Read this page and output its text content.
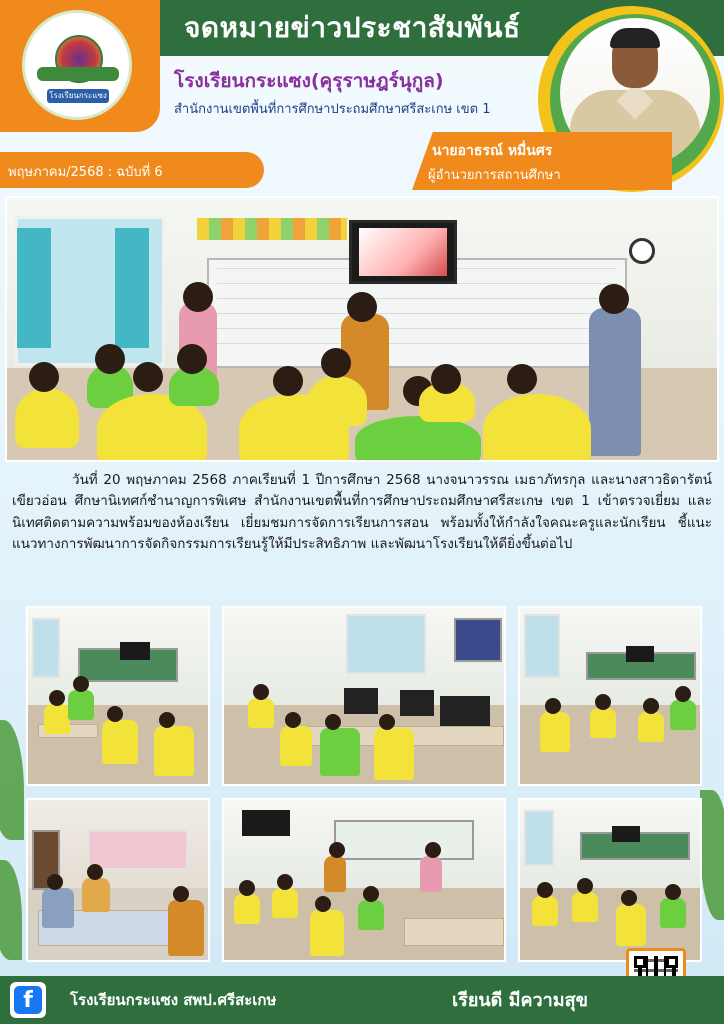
จดหมายข่าวประชาสัมพันธ์
โรงเรียนกระแซง
โรงเรียนกระแซง(คุรุราษฎร์นุกูล)
สำนักงานเขตพื้นที่การศึกษาประถมศึกษาศรีสะเกษ เขต 1
นายอาธรณ์ หมื่นศร
ผู้อำนวยการสถานศึกษา
พฤษภาคม/2568 : ฉบับที่ 6

วันที่ 20 พฤษภาคม 2568 ภาคเรียนที่ 1 ปีการศึกษา 2568 นางจนาวรรณ เมธาภัทรกุล และนางสาวธิดารัตน์ เขียวอ่อน ศึกษานิเทศก์ชำนาญการพิเศษ สำนักงานเขตพื้นที่การศึกษาประถมศึกษาศรีสะเกษ เขต 1 เข้าตรวจเยี่ยม และนิเทศติดตามความพร้อมของห้องเรียน เยี่ยมชมการจัดการเรียนการสอน พร้อมทั้งให้กำลังใจคณะครูและนักเรียน ชี้แนะแนวทางการพัฒนาการจัดกิจกรรมการเรียนรู้ให้มีประสิทธิภาพ และพัฒนาโรงเรียนให้ดียิ่งขึ้นต่อไป

f	โรงเรียนกระแซง สพป.ศรีสะเกษ	เรียนดี มีความสุข
